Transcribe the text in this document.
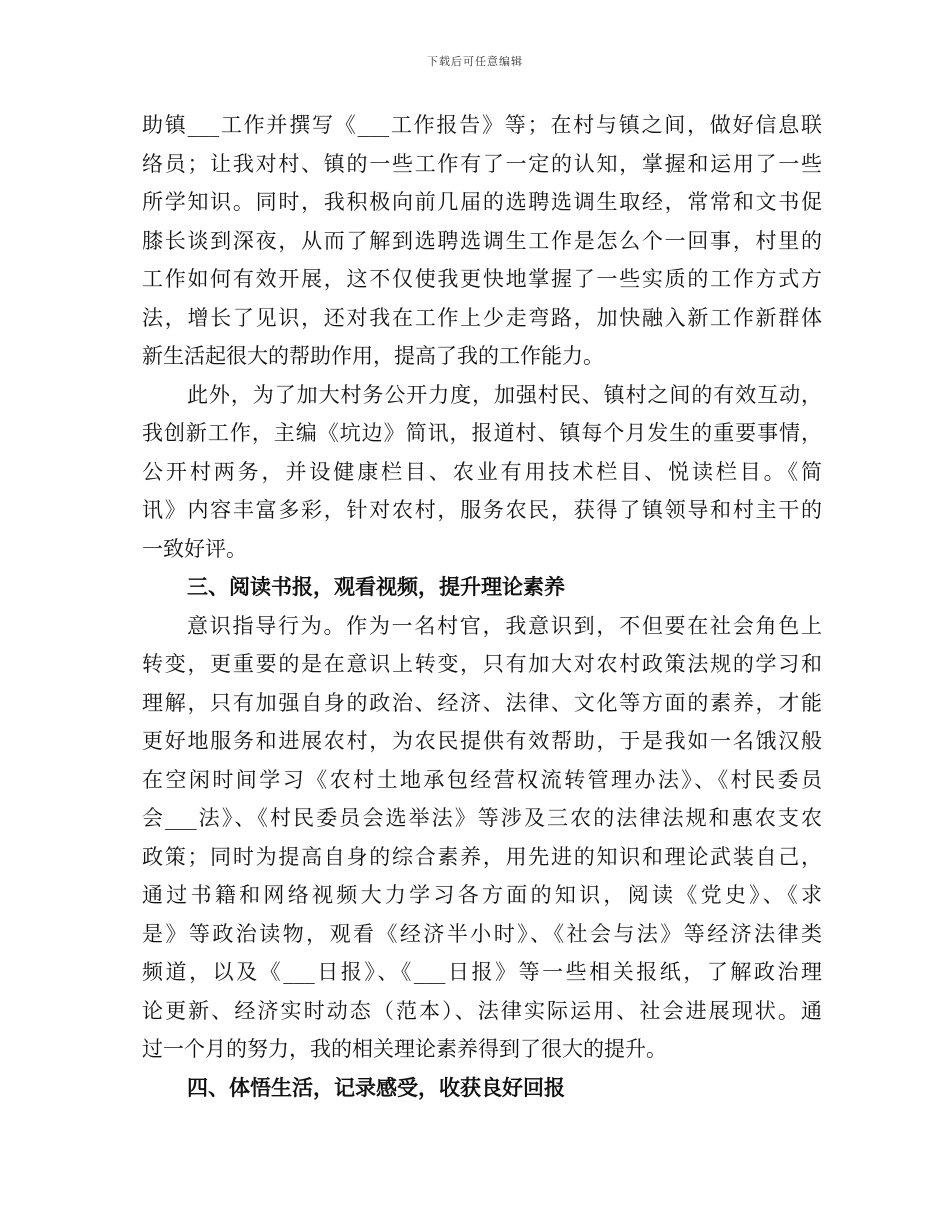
下载后可任意编辑
助镇___工作并撰写《___工作报告》等；在村与镇之间，做好信息联
络员；让我对村、镇的一些工作有了一定的认知，掌握和运用了一些
所学知识。同时，我积极向前几届的选聘选调生取经，常常和文书促
膝长谈到深夜，从而了解到选聘选调生工作是怎么个一回事，村里的
工作如何有效开展，这不仅使我更快地掌握了一些实质的工作方式方
法，增长了见识，还对我在工作上少走弯路，加快融入新工作新群体
新生活起很大的帮助作用，提高了我的工作能力。
此外，为了加大村务公开力度，加强村民、镇村之间的有效互动，
我创新工作，主编《坑边》简讯，报道村、镇每个月发生的重要事情，
公开村两务，并设健康栏目、农业有用技术栏目、悦读栏目。《简
讯》内容丰富多彩，针对农村，服务农民，获得了镇领导和村主干的
一致好评。
三、阅读书报，观看视频，提升理论素养
意识指导行为。作为一名村官，我意识到，不但要在社会角色上
转变，更重要的是在意识上转变，只有加大对农村政策法规的学习和
理解，只有加强自身的政治、经济、法律、文化等方面的素养，才能
更好地服务和进展农村，为农民提供有效帮助，于是我如一名饿汉般
在空闲时间学习《农村土地承包经营权流转管理办法》、《村民委员
会___法》、《村民委员会选举法》等涉及三农的法律法规和惠农支农
政策；同时为提高自身的综合素养，用先进的知识和理论武装自己，
通过书籍和网络视频大力学习各方面的知识，阅读《党史》、《求
是》等政治读物，观看《经济半小时》、《社会与法》等经济法律类
频道，以及《___日报》、《___日报》等一些相关报纸，了解政治理
论更新、经济实时动态（范本）、法律实际运用、社会进展现状。通
过一个月的努力，我的相关理论素养得到了很大的提升。
四、体悟生活，记录感受，收获良好回报
